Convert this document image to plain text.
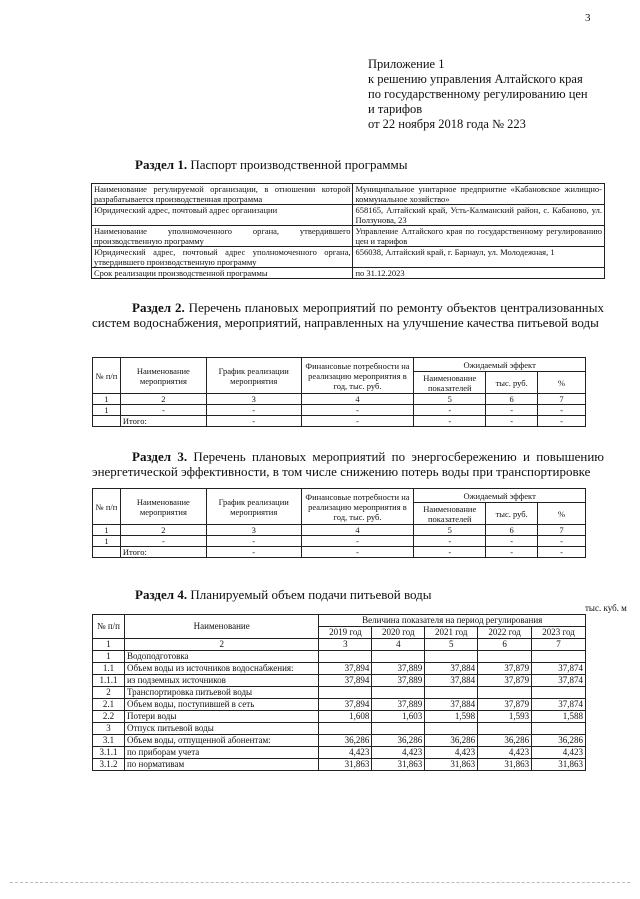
3
Приложение 1
к решению управления Алтайского края
по государственному регулированию цен
и тарифов
от 22 ноября 2018 года № 223
Раздел 1. Паспорт производственной программы
Наименование регулируемой организации, в отношении которой разрабатывается производственная программа	Муниципальное унитарное предприятие «Кабановское жилищно-коммунальное хозяйство»
Юридический адрес, почтовый адрес организации	658165, Алтайский край, Усть-Калманский район, с. Кабаново, ул. Ползунова, 23
Наименование уполномоченного органа, утвердившего производственную программу	Управление Алтайского края по государственному регулированию цен и тарифов
Юридический адрес, почтовый адрес уполномоченного органа, утвердившего производственную программу	656038, Алтайский край, г. Барнаул, ул. Молодежная, 1
Срок реализации производственной программы	по 31.12.2023
Раздел 2. Перечень плановых мероприятий по ремонту объектов централизованных систем водоснабжения, мероприятий, направленных на улучшение качества питьевой воды
№ п/п	Наименование мероприятия	График реализации мероприятия	Финансовые потребности на реализацию мероприятия в год, тыс. руб.	Ожидаемый эффект		
				Наименование показателей	тыс. руб.	%
1	2	3	4	5	6	7
1	-	-	-	-	-	-
	Итого:	-	-	-	-	-
Раздел 3. Перечень плановых мероприятий по энергосбережению и повышению энергетической эффективности, в том числе снижению потерь воды при транспортировке
№ п/п	Наименование мероприятия	График реализации мероприятия	Финансовые потребности на реализацию мероприятия в год, тыс. руб.	Ожидаемый эффект		
				Наименование показателей	тыс. руб.	%
1	2	3	4	5	6	7
1	-	-	-	-	-	-
	Итого:	-	-	-	-	-
Раздел 4. Планируемый объем подачи питьевой воды
тыс. куб. м
№ п/п	Наименование	Величина показателя на период регулирования				
		2019 год	2020 год	2021 год	2022 год	2023 год
1	2	3	4	5	6	7
1	Водоподготовка					
1.1	Объем воды из источников водоснабжения:	37,894	37,889	37,884	37,879	37,874
1.1.1	из подземных источников	37,894	37,889	37,884	37,879	37,874
2	Транспортировка питьевой воды					
2.1	Объем воды, поступившей в сеть	37,894	37,889	37,884	37,879	37,874
2.2	Потери воды	1,608	1,603	1,598	1,593	1,588
3	Отпуск питьевой воды					
3.1	Объем воды, отпущенной абонентам:	36,286	36,286	36,286	36,286	36,286
3.1.1	по приборам учета	4,423	4,423	4,423	4,423	4,423
3.1.2	по нормативам	31,863	31,863	31,863	31,863	31,863
